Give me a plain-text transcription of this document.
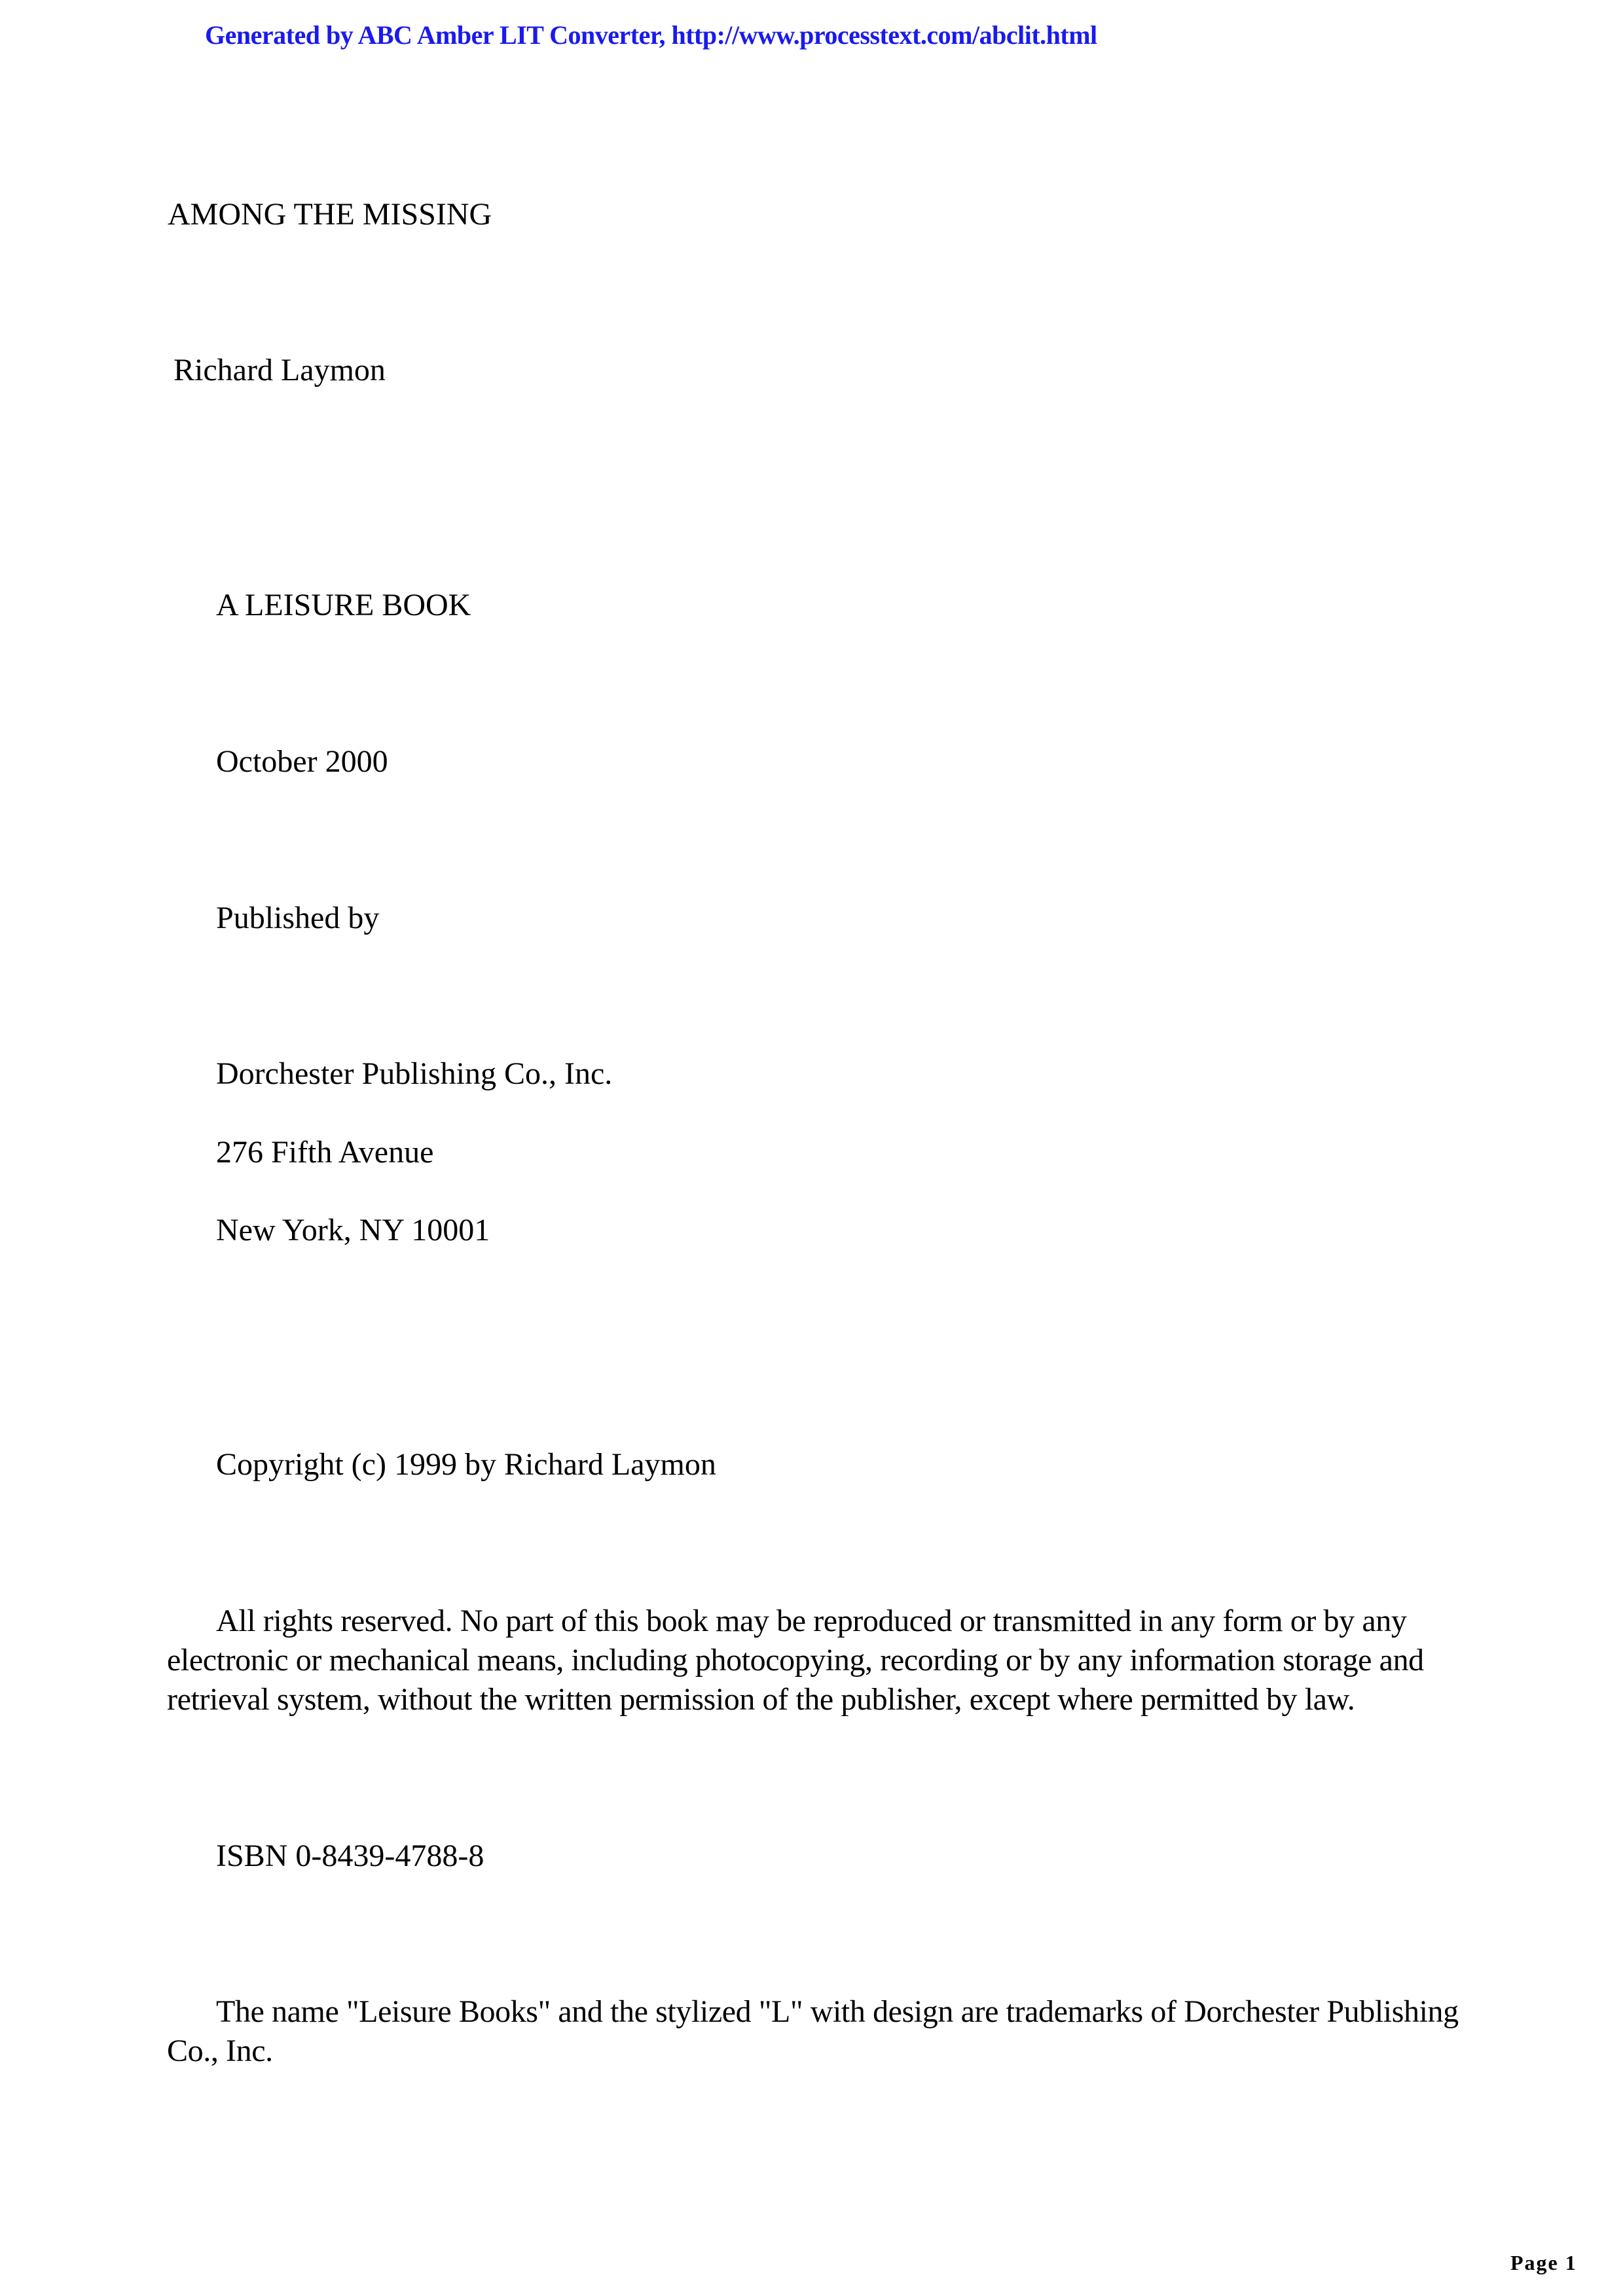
Generated by ABC Amber LIT Converter, http://www.processtext.com/abclit.html
AMONG THE MISSING
Richard Laymon
A LEISURE BOOK
October 2000
Published by
Dorchester Publishing Co., Inc.
276 Fifth Avenue
New York, NY 10001
Copyright (c) 1999 by Richard Laymon
All rights reserved. No part of this book may be reproduced or transmitted in any form or by any electronic or mechanical means, including photocopying, recording or by any information storage and retrieval system, without the written permission of the publisher, except where permitted by law.
ISBN 0-8439-4788-8
The name "Leisure Books" and the stylized "L" with design are trademarks of Dorchester Publishing Co., Inc.
Page 1
